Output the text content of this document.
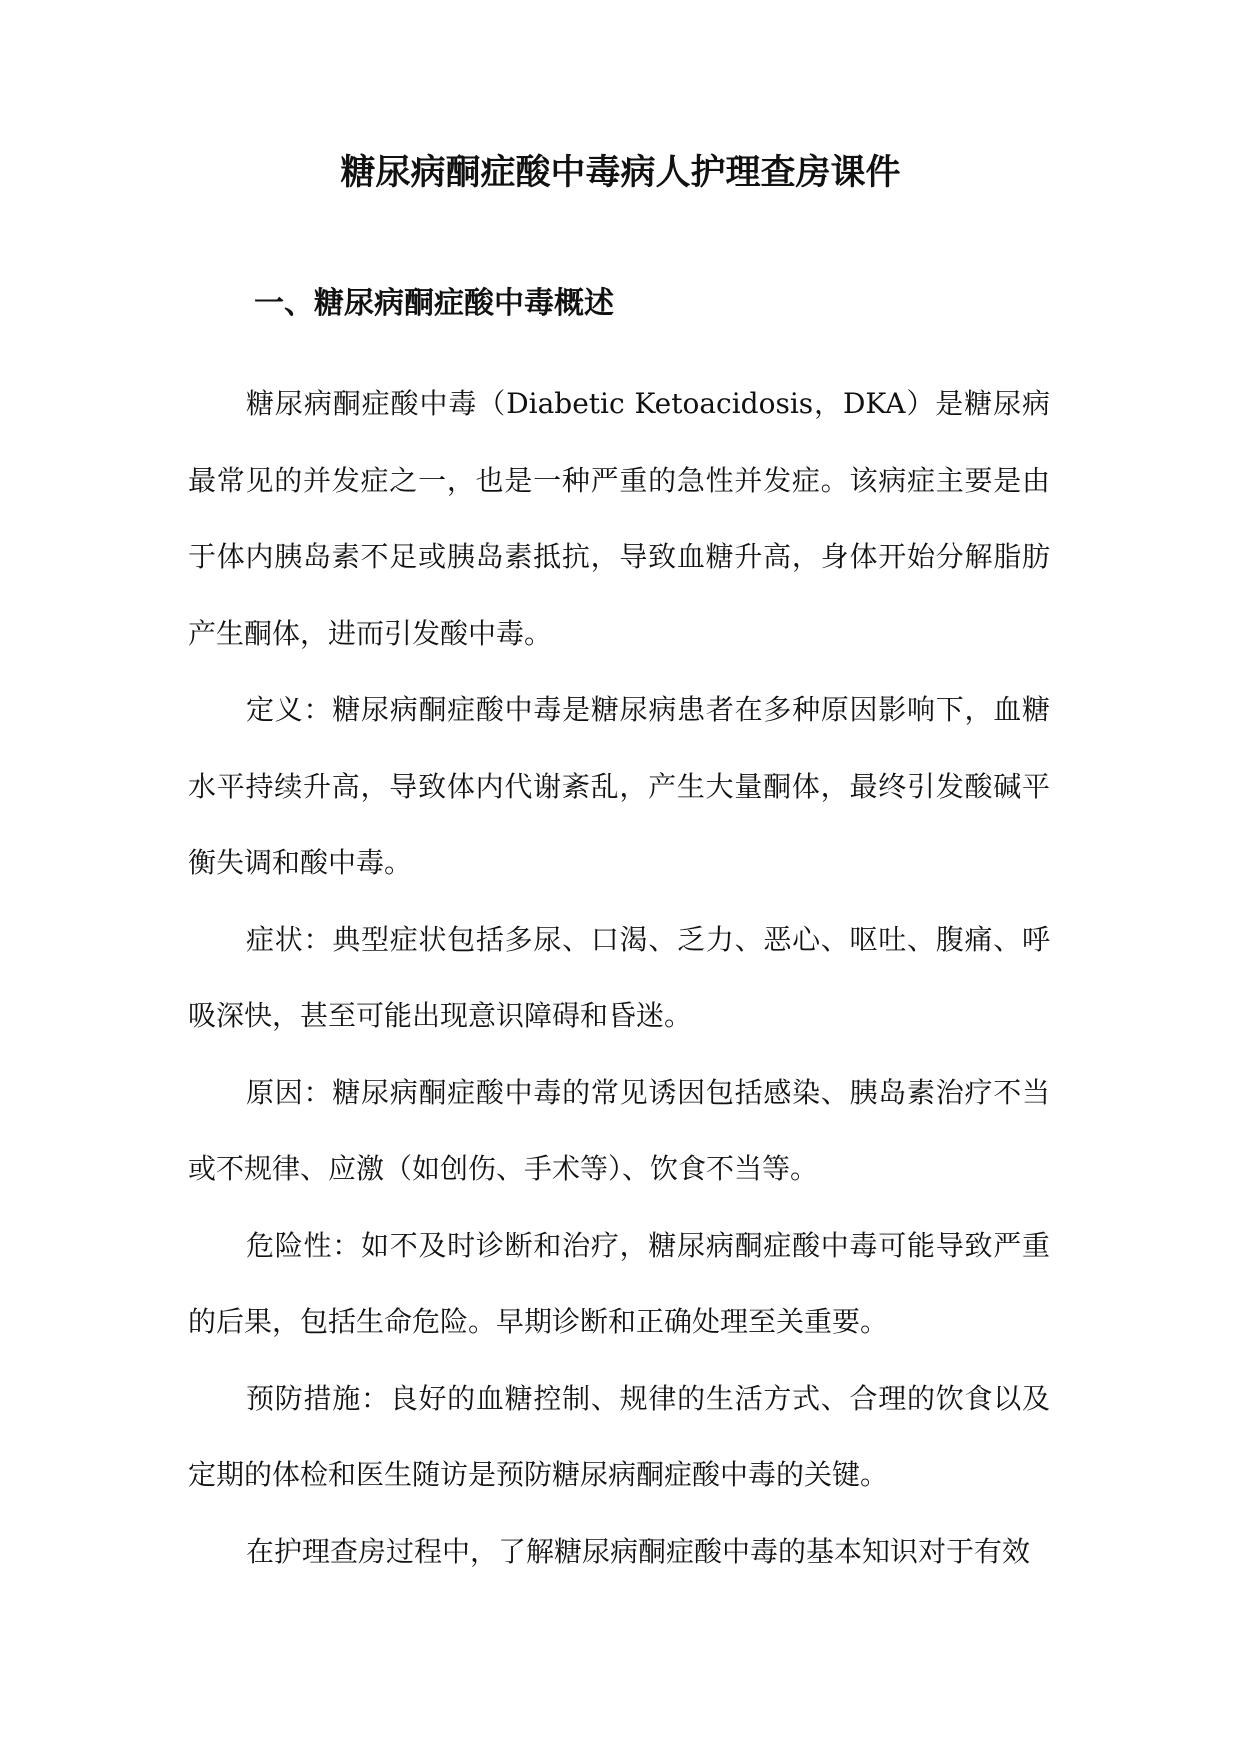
糖尿病酮症酸中毒病人护理查房课件
一、糖尿病酮症酸中毒概述

糖尿病酮症酸中毒（Diabetic Ketoacidosis，DKA）是糖尿病最常见的并发症之一，也是一种严重的急性并发症。该病症主要是由于体内胰岛素不足或胰岛素抵抗，导致血糖升高，身体开始分解脂肪产生酮体，进而引发酸中毒。

定义：糖尿病酮症酸中毒是糖尿病患者在多种原因影响下，血糖水平持续升高，导致体内代谢紊乱，产生大量酮体，最终引发酸碱平衡失调和酸中毒。

症状：典型症状包括多尿、口渴、乏力、恶心、呕吐、腹痛、呼吸深快，甚至可能出现意识障碍和昏迷。

原因：糖尿病酮症酸中毒的常见诱因包括感染、胰岛素治疗不当或不规律、应激（如创伤、手术等）、饮食不当等。

危险性：如不及时诊断和治疗，糖尿病酮症酸中毒可能导致严重的后果，包括生命危险。早期诊断和正确处理至关重要。

预防措施：良好的血糖控制、规律的生活方式、合理的饮食以及定期的体检和医生随访是预防糖尿病酮症酸中毒的关键。

在护理查房过程中，了解糖尿病酮症酸中毒的基本知识对于有效
